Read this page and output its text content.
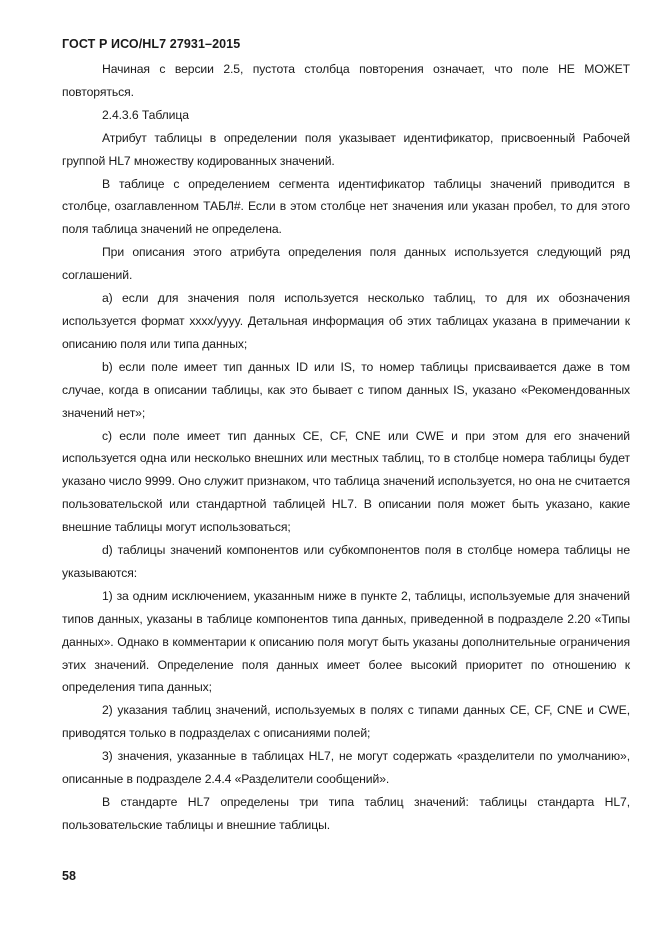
ГОСТ Р ИСО/HL7 27931–2015

Начиная с версии 2.5, пустота столбца повторения означает, что поле НЕ МОЖЕТ повторяться.

2.4.3.6 Таблица

Атрибут таблицы в определении поля указывает идентификатор, присвоенный Рабочей группой HL7 множеству кодированных значений.

В таблице с определением сегмента идентификатор таблицы значений приводится в столбце, озаглавленном ТАБЛ#. Если в этом столбце нет значения или указан пробел, то для этого поля таблица значений не определена.

При описания этого атрибута определения поля данных используется следующий ряд соглашений.

а) если для значения поля используется несколько таблиц, то для их обозначения используется формат xxxx/yyyy. Детальная информация об этих таблицах указана в примечании к описанию поля или типа данных;

b) если поле имеет тип данных ID или IS, то номер таблицы присваивается даже в том случае, когда в описании таблицы, как это бывает с типом данных IS, указано «Рекомендованных значений нет»;

c) если поле имеет тип данных CE, CF, CNE или CWE и при этом для его значений используется одна или несколько внешних или местных таблиц, то в столбце номера таблицы будет указано число 9999. Оно служит признаком, что таблица значений используется, но она не считается пользовательской или стандартной таблицей HL7. В описании поля может быть указано, какие внешние таблицы могут использоваться;

d) таблицы значений компонентов или субкомпонентов поля в столбце номера таблицы не указываются:

1) за одним исключением, указанным ниже в пункте 2, таблицы, используемые для значений типов данных, указаны в таблице компонентов типа данных, приведенной в подразделе 2.20 «Типы данных». Однако в комментарии к описанию поля могут быть указаны дополнительные ограничения этих значений. Определение поля данных имеет более высокий приоритет по отношению к определения типа данных;

2) указания таблиц значений, используемых в полях с типами данных CE, CF, CNE и CWE, приводятся только в подразделах с описаниями полей;

3) значения, указанные в таблицах HL7, не могут содержать «разделители по умолчанию», описанные в подразделе 2.4.4 «Разделители сообщений».

В стандарте HL7 определены три типа таблиц значений: таблицы стандарта HL7, пользовательские таблицы и внешние таблицы.

58
